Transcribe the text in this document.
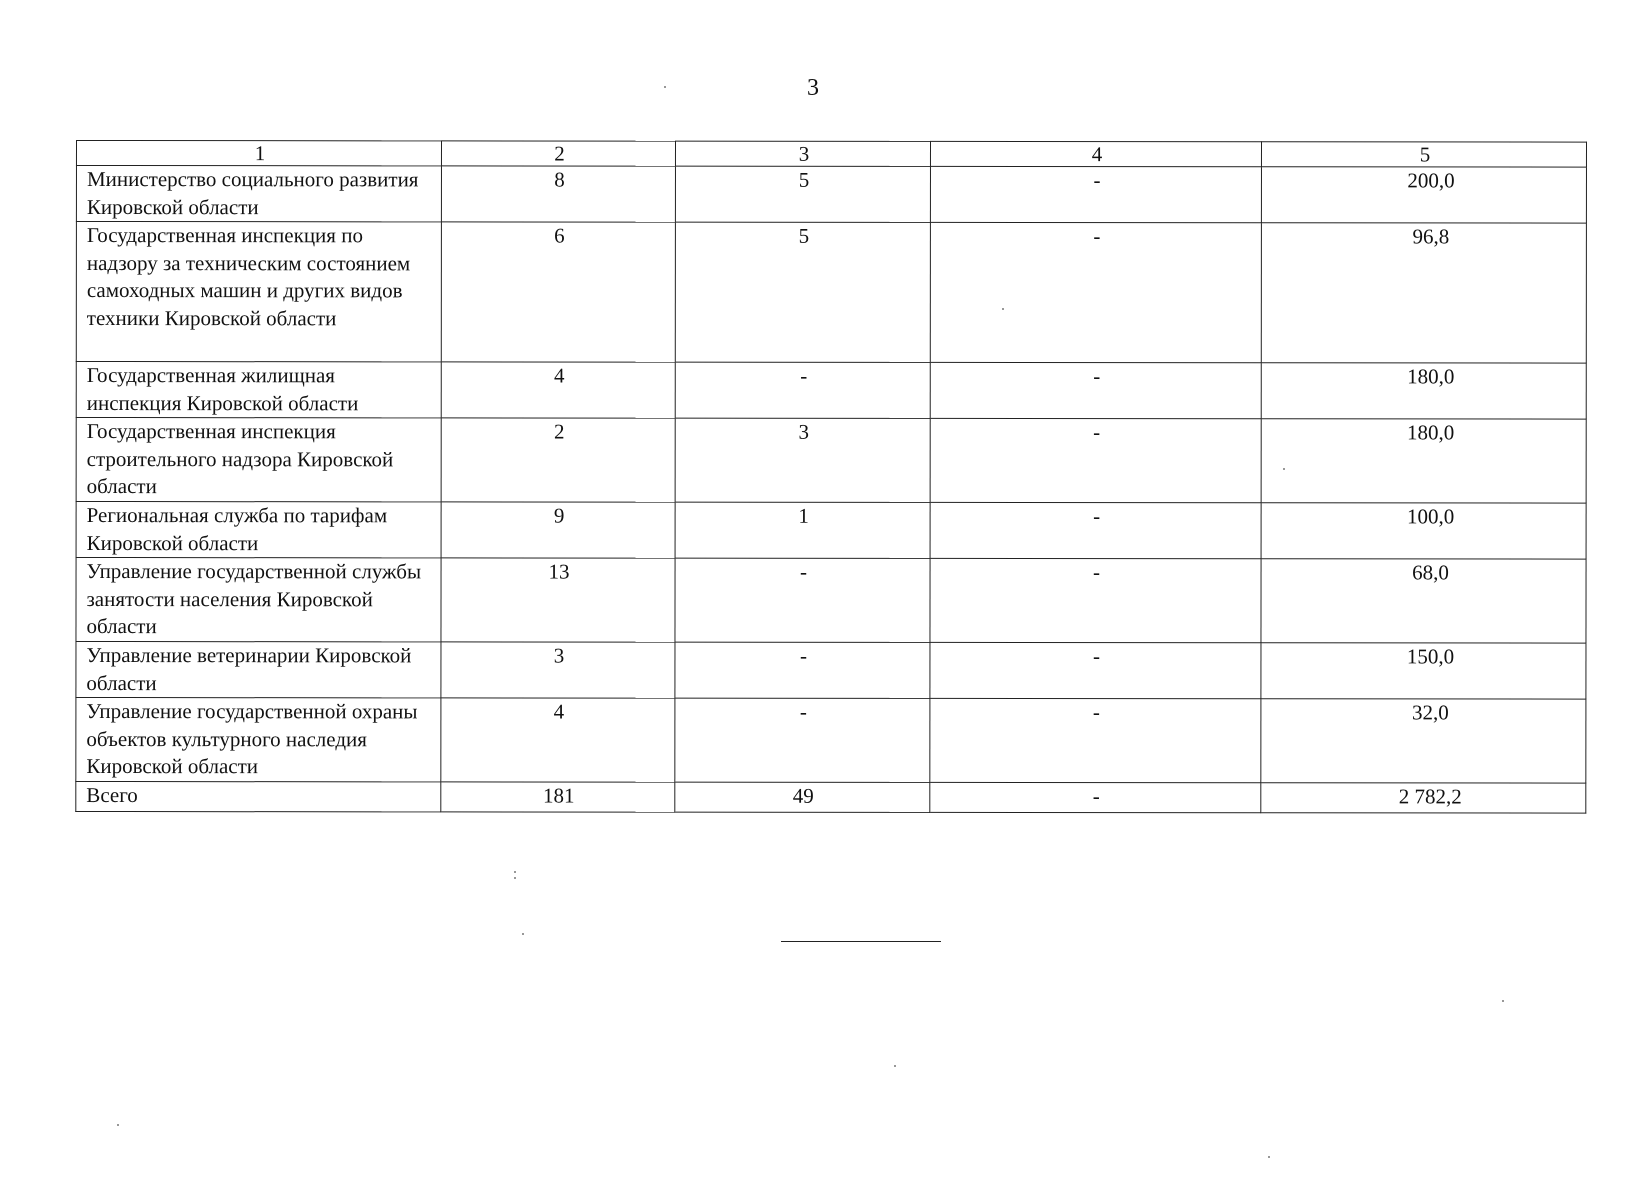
3
1	2	3	4	5
Министерство социального развития Кировской области	8	5	-	200,0
Государственная инспекция по надзору за техническим состоянием самоходных машин и других видов техники Кировской области	6	5	-	96,8
Государственная жилищная инспекция Кировской области	4	-	-	180,0
Государственная инспекция строительного надзора Кировской области	2	3	-	180,0
Региональная служба по тарифам Кировской области	9	1	-	100,0
Управление государственной службы занятости населения Кировской области	13	-	-	68,0
Управление ветеринарии Кировской области	3	-	-	150,0
Управление государственной охраны объектов культурного наследия Кировской области	4	-	-	32,0
Всего	181	49	-	2 782,2
